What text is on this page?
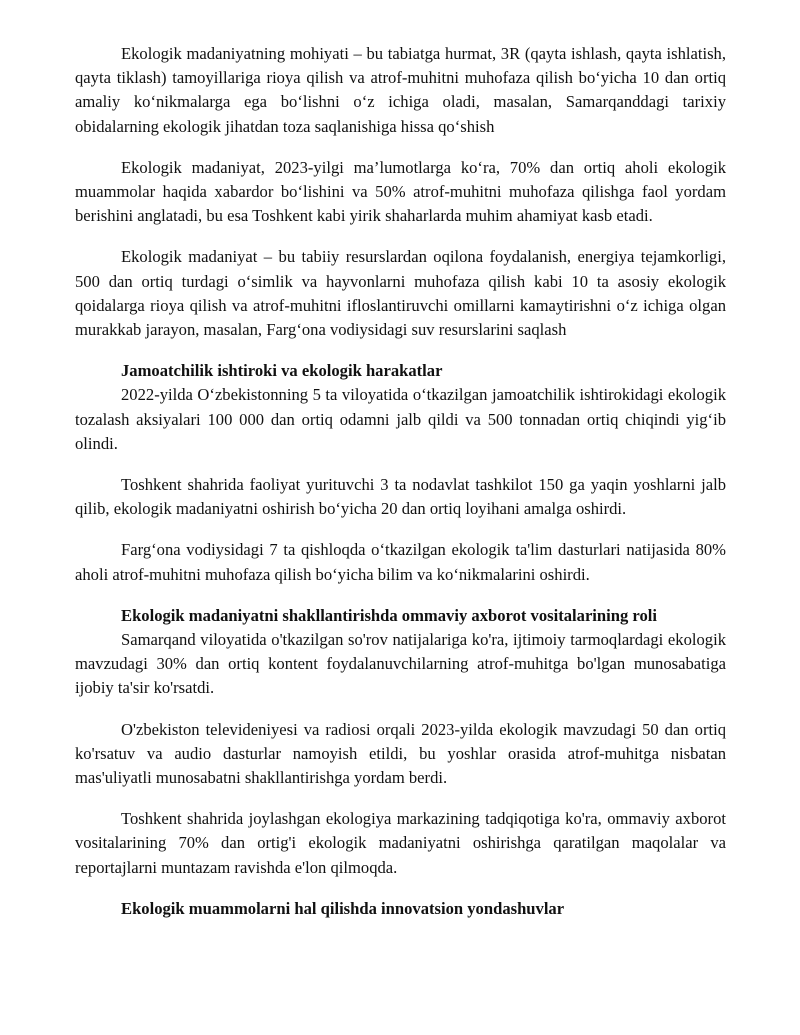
Ekologik madaniyatning mohiyati – bu tabiatga hurmat, 3R (qayta ishlash, qayta ishlatish, qayta tiklash) tamoyillariga rioya qilish va atrof-muhitni muhofaza qilish bo‘yicha 10 dan ortiq amaliy ko‘nikmalarga ega bo‘lishni o‘z ichiga oladi, masalan, Samarqanddagi tarixiy obidalarning ekologik jihatdan toza saqlanishiga hissa qo‘shish

Ekologik madaniyat, 2023-yilgi ma’lumotlarga ko‘ra, 70% dan ortiq aholi ekologik muammolar haqida xabardor bo‘lishini va 50% atrof-muhitni muhofaza qilishga faol yordam berishini anglatadi, bu esa Toshkent kabi yirik shaharlarda muhim ahamiyat kasb etadi.

Ekologik madaniyat – bu tabiiy resurslardan oqilona foydalanish, energiya tejamkorligi, 500 dan ortiq turdagi o‘simlik va hayvonlarni muhofaza qilish kabi 10 ta asosiy ekologik qoidalarga rioya qilish va atrof-muhitni ifloslantiruvchi omillarni kamaytirishni o‘z ichiga olgan murakkab jarayon, masalan, Farg‘ona vodiysidagi suv resurslarini saqlash

Jamoatchilik ishtiroki va ekologik harakatlar

2022-yilda O‘zbekistonning 5 ta viloyatida o‘tkazilgan jamoatchilik ishtirokidagi ekologik tozalash aksiyalari 100 000 dan ortiq odamni jalb qildi va 500 tonnadan ortiq chiqindi yig‘ib olindi.

Toshkent shahrida faoliyat yurituvchi 3 ta nodavlat tashkilot 150 ga yaqin yoshlarni jalb qilib, ekologik madaniyatni oshirish bo‘yicha 20 dan ortiq loyihani amalga oshirdi.

Farg‘ona vodiysidagi 7 ta qishloqda o‘tkazilgan ekologik ta'lim dasturlari natijasida 80% aholi atrof-muhitni muhofaza qilish bo‘yicha bilim va ko‘nikmalarini oshirdi.

Ekologik madaniyatni shakllantirishda ommaviy axborot vositalarining roli

Samarqand viloyatida o'tkazilgan so'rov natijalariga ko'ra, ijtimoiy tarmoqlardagi ekologik mavzudagi 30% dan ortiq kontent foydalanuvchilarning atrof-muhitga bo'lgan munosabatiga ijobiy ta'sir ko'rsatdi.

O'zbekiston televideniyesi va radiosi orqali 2023-yilda ekologik mavzudagi 50 dan ortiq ko'rsatuv va audio dasturlar namoyish etildi, bu yoshlar orasida atrof-muhitga nisbatan mas'uliyatli munosabatni shakllantirishga yordam berdi.

Toshkent shahrida joylashgan ekologiya markazining tadqiqotiga ko'ra, ommaviy axborot vositalarining 70% dan ortig'i ekologik madaniyatni oshirishga qaratilgan maqolalar va reportajlarni muntazam ravishda e'lon qilmoqda.

Ekologik muammolarni hal qilishda innovatsion yondashuvlar
